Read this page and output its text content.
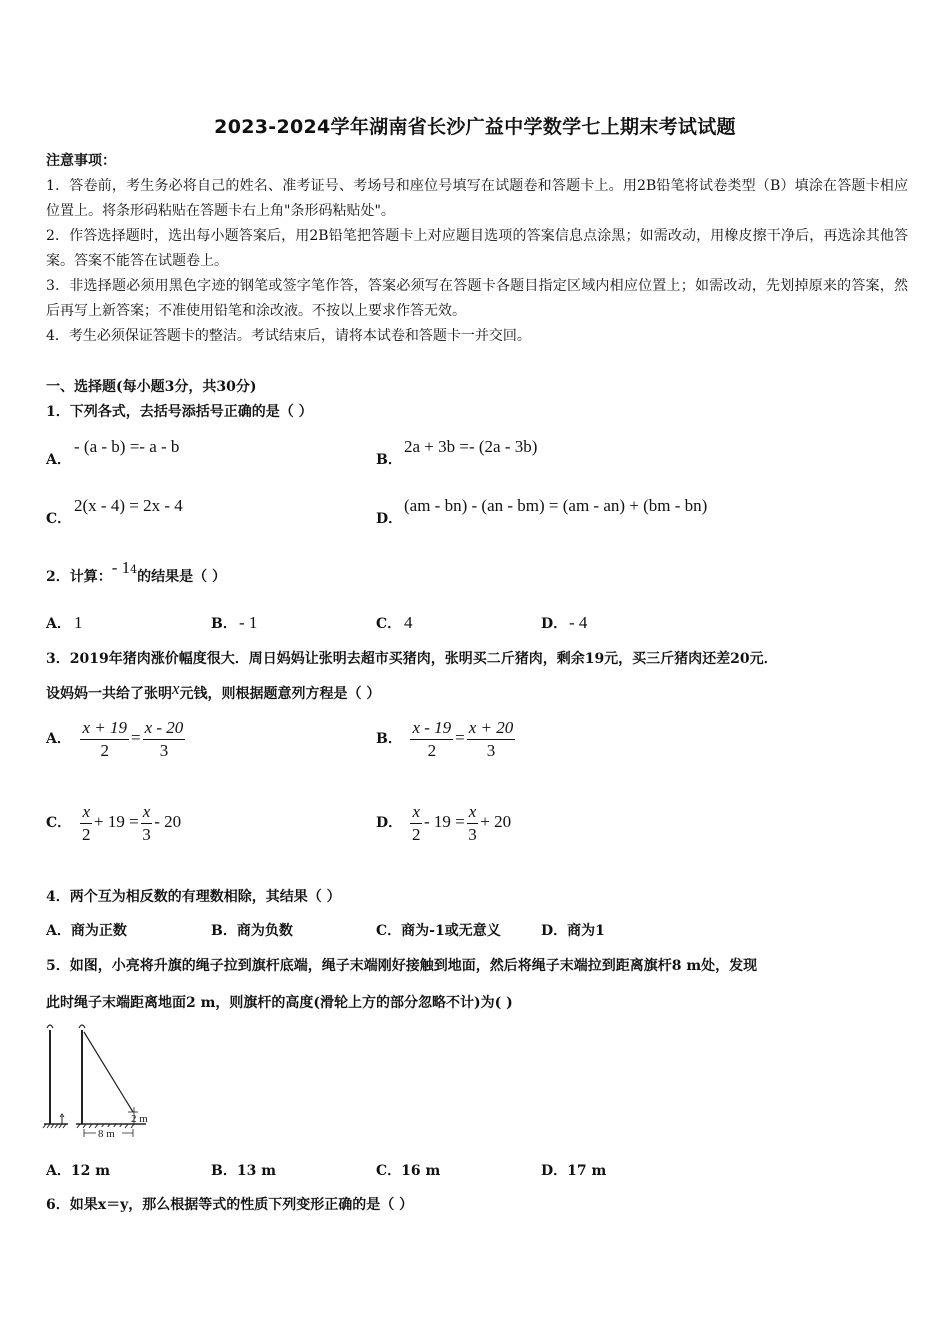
2023-2024学年湖南省长沙广益中学数学七上期末考试试题
注意事项：

1．答卷前，考生务必将自己的姓名、准考证号、考场号和座位号填写在试题卷和答题卡上。用2B铅笔将试卷类型（B）填涂在答题卡相应位置上。将条形码粘贴在答题卡右上角"条形码粘贴处"。

2．作答选择题时，选出每小题答案后，用2B铅笔把答题卡上对应题目选项的答案信息点涂黑；如需改动，用橡皮擦干净后，再选涂其他答案。答案不能答在试题卷上。

3．非选择题必须用黑色字迹的钢笔或签字笔作答，答案必须写在答题卡各题目指定区域内相应位置上；如需改动，先划掉原来的答案，然后再写上新答案；不准使用铅笔和涂改液。不按以上要求作答无效。

4．考生必须保证答题卡的整洁。考试结束后，请将本试卷和答题卡一并交回。

一、选择题(每小题3分，共30分)
1．下列各式，去括号添括号正确的是（ ）
A．- (a - b) =- a - b
B．2a + 3b =- (2a - 3b)
C．2(x - 4) = 2x - 4
D．(am - bn) - (an - bm) = (am - an) + (bm - bn)
2．计算：- $1^4$的结果是（ ）
A． 1	B． - 1	C． 4	D． - 4
3．2019年猪肉涨价幅度很大．周日妈妈让张明去超市买猪肉，张明买二斤猪肉，剩余19元，买三斤猪肉还差20元．
设妈妈一共给了张明x元钱，则根据题意列方程是（ ）
A． $\frac{x + 19}{2} = \frac{x - 20}{3}$	B． $\frac{x - 19}{2} = \frac{x + 20}{3}$
C． $\frac{x}{2} + 19 = \frac{x}{3} - 20$	D． $\frac{x}{2} - 19 = \frac{x}{3} + 20$
4．两个互为相反数的有理数相除，其结果（ ）
A．商为正数	B．商为负数	C．商为-1或无意义	D．商为1
5．如图，小亮将升旗的绳子拉到旗杆底端，绳子末端刚好接触到地面，然后将绳子末端拉到距离旗杆8 m处，发现
此时绳子末端距离地面2 m，则旗杆的高度(滑轮上方的部分忽略不计)为( )
2 m
8 m
A．12 m	B．13 m	C．16 m	D．17 m
6．如果x＝y，那么根据等式的性质下列变形正确的是（ ）
